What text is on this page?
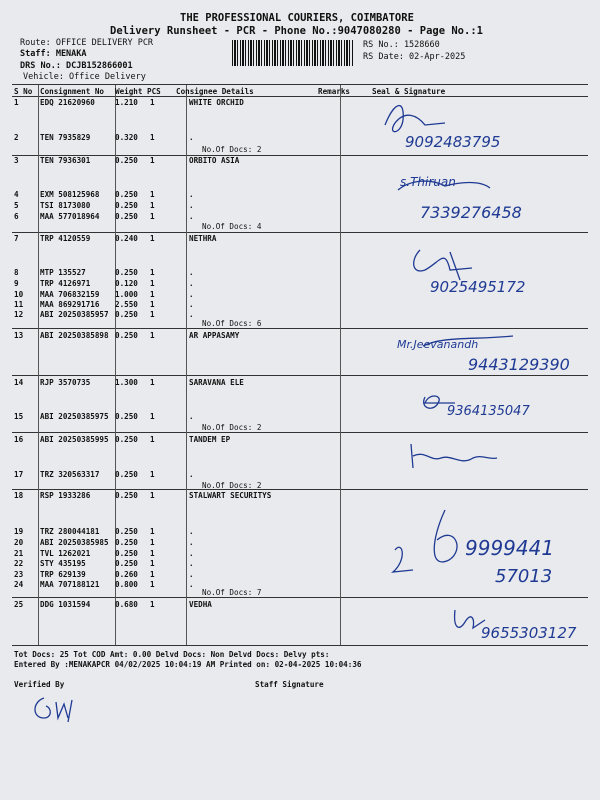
THE PROFESSIONAL COURIERS, COIMBATORE
Delivery Runsheet - PCR - Phone No.:9047080280 - Page No.:1
Route: OFFICE DELIVERY PCR
Staff: MENAKA
DRS No.: DCJB152866001
Vehicle: Office Delivery
RS No.: 1528660
RS Date: 02-Apr-2025
S No Consignment No Weight PCS Consignee Details	Remarks	Seal & Signature
1	EDQ 21620960	1.210 1	WHITE ORCHID
2	TEN 7935829	0.320 1	.
3	TEN 7936301	0.250 1	ORBITO ASIA
4	EXM 508125968 0.250 1	.
5	TSI 8173080	0.250 1	.
6	MAA 577018964 0.250 1	.
7	TRP 4120559	0.240 1	NETHRA
8	MTP 135527	0.250 1	.
9	TRP 4126971	0.120 1	.
10 MAA 706832159 1.000 1	.
11 MAA 869291716 2.550 1	.
12 ABI 20250385957 0.250 1	.
13 ABI 20250385898 0.250 1	AR APPASAMY
14 RJP 3570735	1.300 1	SARAVANA ELE
15 ABI 20250385975 0.250 1	.
16 ABI 20250385995 0.250 1	TANDEM EP
17 TRZ 320563317 0.250 1	.
18 RSP 1933286	0.250 1	STALWART SECURITYS
19 TRZ 280044181 0.250 1	.
20 ABI 20250385985 0.250 1	.
21 TVL 1262021	0.250 1	.
22 STY 435195	0.250 1	.
23 TRP 629139	0.260 1	.
24 MAA 707188121 0.800 1	.
25 DDG 1031594	0.680 1	VEDHA
No.Of Docs: 2
No.Of Docs: 4
No.Of Docs: 6
No.Of Docs: 2
No.Of Docs: 2
No.Of Docs: 7
9092483795
s.Thiruan
7339276458
9025495172
Mr.Jeevanandh
9443129390
9364135047
9999441
57013
9655303127
Tot Docs: 25 Tot COD Amt: 0.00 Delvd Docs: Non Delvd Docs: Delvy pts:
Entered By :MENAKAPCR 04/02/2025 10:04:19 AM Printed on: 02-04-2025 10:04:36
Verified By	Staff Signature
